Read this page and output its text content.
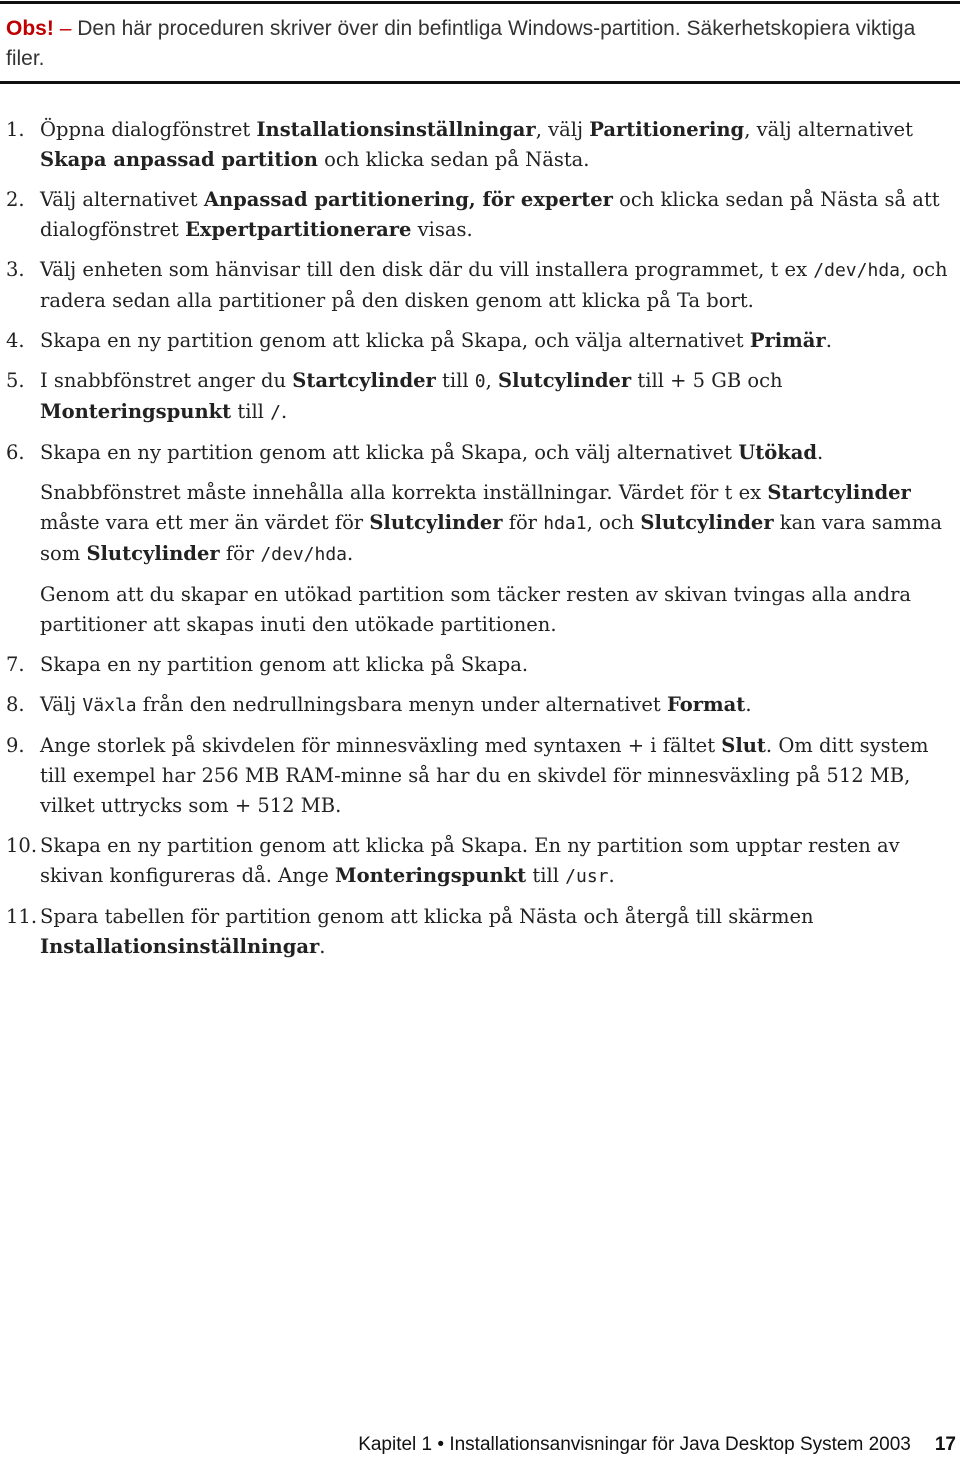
Obs! – Den här proceduren skriver över din befintliga Windows-partition. Säkerhetskopiera viktiga filer.
1. Öppna dialogfönstret Installationsinställningar, välj Partitionering, välj alternativet Skapa anpassad partition och klicka sedan på Nästa.
2. Välj alternativet Anpassad partitionering, för experter och klicka sedan på Nästa så att dialogfönstret Expertpartitionerare visas.
3. Välj enheten som hänvisar till den disk där du vill installera programmet, t ex /dev/hda, och radera sedan alla partitioner på den disken genom att klicka på Ta bort.
4. Skapa en ny partition genom att klicka på Skapa, och välja alternativet Primär.
5. I snabbfönstret anger du Startcylinder till 0, Slutcylinder till + 5 GB och Monteringspunkt till /.
6. Skapa en ny partition genom att klicka på Skapa, och välj alternativet Utökad.
Snabbfönstret måste innehålla alla korrekta inställningar. Värdet för t ex Startcylinder måste vara ett mer än värdet för Slutcylinder för hda1, och Slutcylinder kan vara samma som Slutcylinder för /dev/hda.
Genom att du skapar en utökad partition som täcker resten av skivan tvingas alla andra partitioner att skapas inuti den utökade partitionen.
7. Skapa en ny partition genom att klicka på Skapa.
8. Välj Växla från den nedrullningsbara menyn under alternativet Format.
9. Ange storlek på skivdelen för minnesväxling med syntaxen + i fältet Slut. Om ditt system till exempel har 256 MB RAM-minne så har du en skivdel för minnesväxling på 512 MB, vilket uttrycks som + 512 MB.
10. Skapa en ny partition genom att klicka på Skapa. En ny partition som upptar resten av skivan konfigureras då. Ange Monteringspunkt till /usr.
11. Spara tabellen för partition genom att klicka på Nästa och återgå till skärmen Installationsinställningar.
Kapitel 1 • Installationsanvisningar för Java Desktop System 2003 17
